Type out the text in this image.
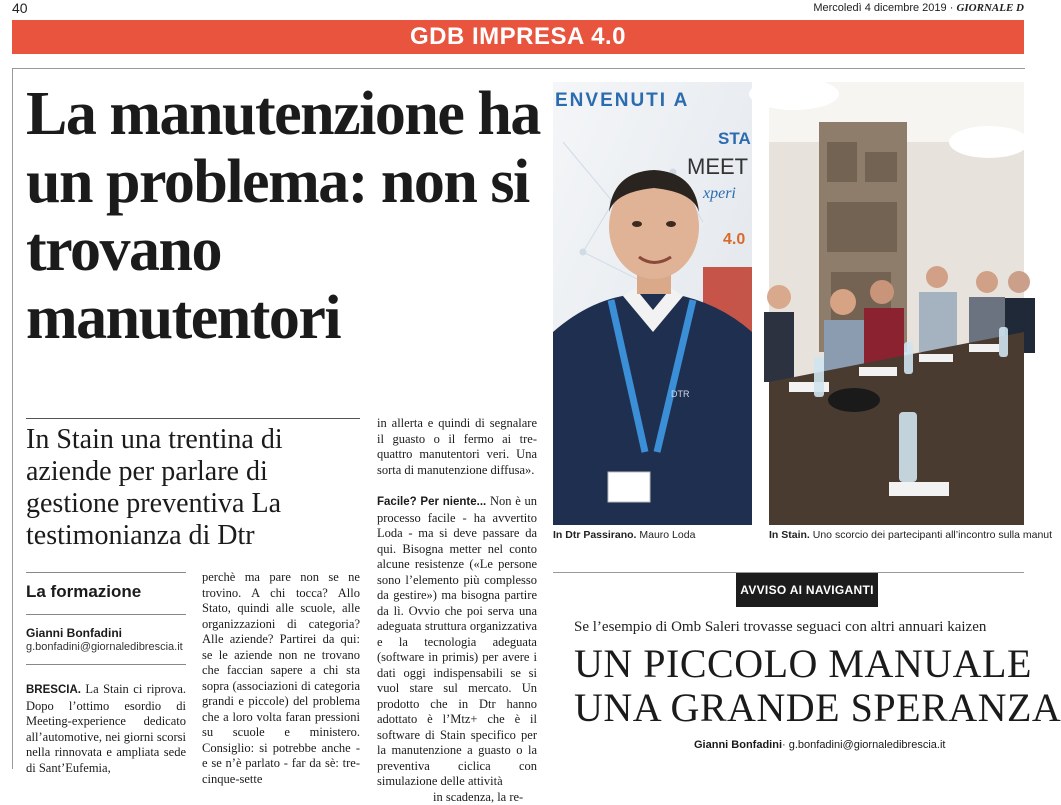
40	Mercoledì 4 dicembre 2019 · GIORNALE D
GDB IMPRESA 4.0
La manutenzione ha un problema: non si trovano manutentori
In Stain una trentina di aziende per parlare di gestione preventiva La testimonianza di Dtr
La formazione
Gianni Bonfadini
g.bonfadini@giornaledibrescia.it

BRESCIA. La Stain ci riprova. Dopo l’ottimo esordio di Meeting-experience dedicato all’automotive, nei giorni scorsi nella rinnovata e ampliata sede di Sant’Eufemia,

perchè ma pare non se ne trovino. A chi tocca? Allo Stato, quindi alle scuole, alle organizzazioni di categoria? Alle aziende? Partirei da qui: se le aziende non ne trovano che faccian sapere a chi sta sopra (associazioni di categoria grandi e piccole) del problema che a loro volta faran pressioni su scuole e ministero. Consiglio: si potrebbe anche - e se n’è parlato - far da sè: tre-cinque-sette

in allerta e quindi di segnalare il guasto o il fermo ai tre-quattro manutentori veri. Una sorta di manutenzione diffusa».

Facile? Per niente... Non è un processo facile - ha avvertito Loda - ma si deve passare da qui. Bisogna metter nel conto alcune resistenze («Le persone sono l’elemento più complesso da gestire») ma bisogna partire da lì. Ovvio che poi serva una adeguata struttura organizzativa e la tecnologia adeguata (software in primis) per avere i dati oggi indispensabili se si vuol stare sul mercato. Un prodotto che in Dtr hanno adottato è l’Mtz+ che è il software di Stain specifico per la manutenzione a guasto o la preventiva ciclica con simulazione delle attività

in scadenza, la re-

ENVENUTI A
STA
MEET
xperi
4.0
DTR
In Dtr Passirano. Mauro Loda	In Stain. Uno scorcio dei partecipanti all’incontro sulla manut
AVVISO AI NAVIGANTI
Se l’esempio di Omb Saleri trovasse seguaci con altri annuari kaizen
UN PICCOLO MANUALE
UNA GRANDE SPERANZA
Gianni Bonfadini· g.bonfadini@giornaledibrescia.it
